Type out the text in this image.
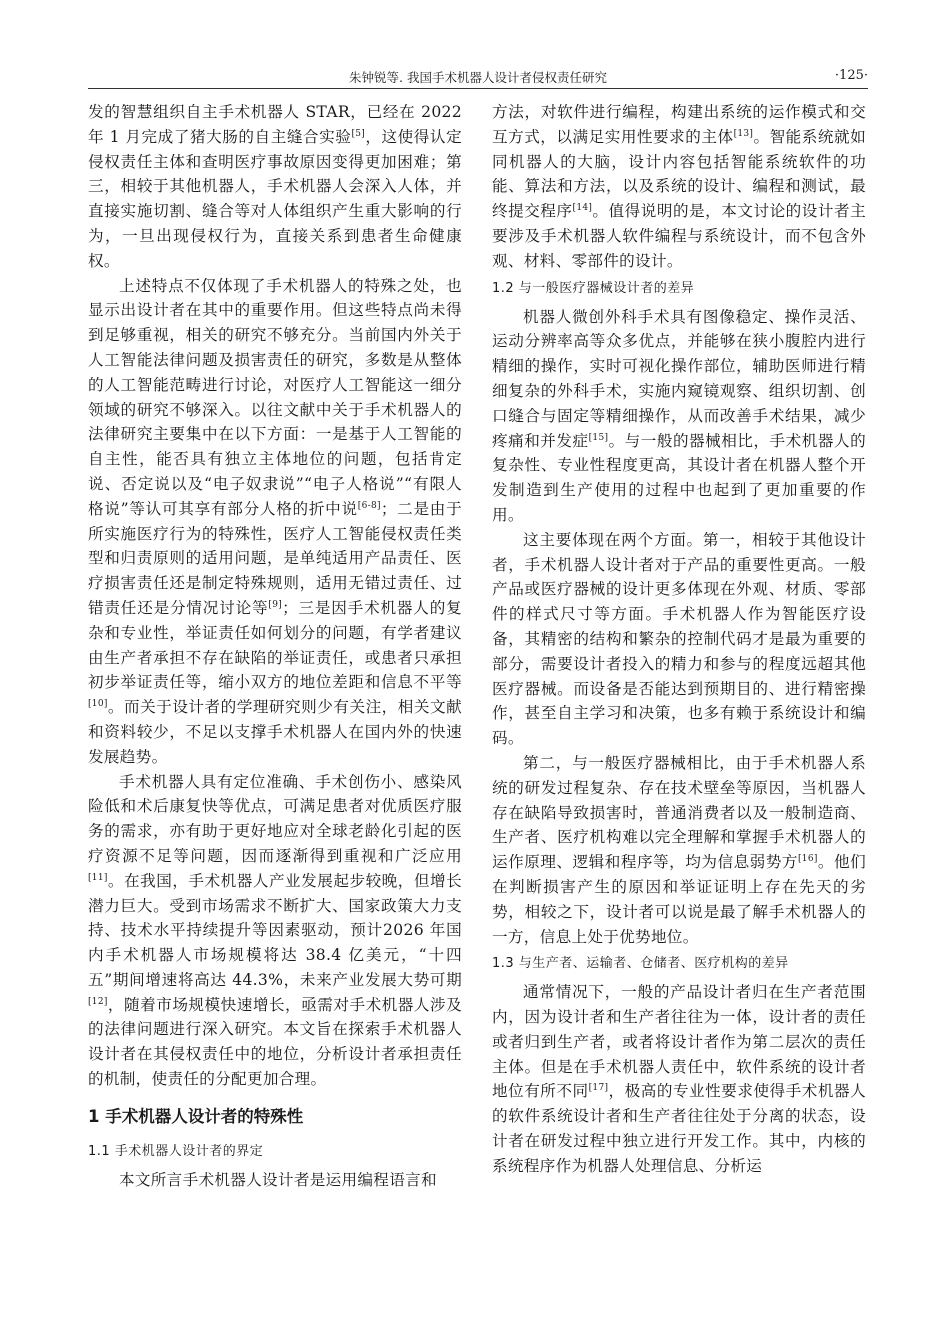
朱钟锐等. 我国手术机器人设计者侵权责任研究	·125·

发的智慧组织自主手术机器人 STAR，已经在 2022年 1 月完成了猪大肠的自主缝合实验[5]，这使得认定侵权责任主体和查明医疗事故原因变得更加困难；第三，相较于其他机器人，手术机器人会深入人体，并直接实施切割、缝合等对人体组织产生重大影响的行为，一旦出现侵权行为，直接关系到患者生命健康权。

上述特点不仅体现了手术机器人的特殊之处，也显示出设计者在其中的重要作用。但这些特点尚未得到足够重视，相关的研究不够充分。当前国内外关于人工智能法律问题及损害责任的研究，多数是从整体的人工智能范畴进行讨论，对医疗人工智能这一细分领域的研究不够深入。以往文献中关于手术机器人的法律研究主要集中在以下方面：一是基于人工智能的自主性，能否具有独立主体地位的问题，包括肯定说、否定说以及“电子奴隶说”“电子人格说”“有限人格说”等认可其享有部分人格的折中说[6-8]；二是由于所实施医疗行为的特殊性，医疗人工智能侵权责任类型和归责原则的适用问题，是单纯适用产品责任、医疗损害责任还是制定特殊规则，适用无错过责任、过错责任还是分情况讨论等[9]；三是因手术机器人的复杂和专业性，举证责任如何划分的问题，有学者建议由生产者承担不存在缺陷的举证责任，或患者只承担初步举证责任等，缩小双方的地位差距和信息不平等[10]。而关于设计者的学理研究则少有关注，相关文献和资料较少，不足以支撑手术机器人在国内外的快速发展趋势。

手术机器人具有定位准确、手术创伤小、感染风险低和术后康复快等优点，可满足患者对优质医疗服务的需求，亦有助于更好地应对全球老龄化引起的医疗资源不足等问题，因而逐渐得到重视和广泛应用[11]。在我国，手术机器人产业发展起步较晚，但增长潜力巨大。受到市场需求不断扩大、国家政策大力支持、技术水平持续提升等因素驱动，预计2026 年国内手术机器人市场规模将达 38.4 亿美元，“十四五”期间增速将高达 44.3%，未来产业发展大势可期[12]，随着市场规模快速增长，亟需对手术机器人涉及的法律问题进行深入研究。本文旨在探索手术机器人设计者在其侵权责任中的地位，分析设计者承担责任的机制，使责任的分配更加合理。

1 手术机器人设计者的特殊性
1.1 手术机器人设计者的界定

本文所言手术机器人设计者是运用编程语言和

方法，对软件进行编程，构建出系统的运作模式和交互方式，以满足实用性要求的主体[13]。智能系统就如同机器人的大脑，设计内容包括智能系统软件的功能、算法和方法，以及系统的设计、编程和测试，最终提交程序[14]。值得说明的是，本文讨论的设计者主要涉及手术机器人软件编程与系统设计，而不包含外观、材料、零部件的设计。

1.2 与一般医疗器械设计者的差异

机器人微创外科手术具有图像稳定、操作灵活、运动分辨率高等众多优点，并能够在狭小腹腔内进行精细的操作，实时可视化操作部位，辅助医师进行精细复杂的外科手术，实施内窥镜观察、组织切割、创口缝合与固定等精细操作，从而改善手术结果，减少疼痛和并发症[15]。与一般的器械相比，手术机器人的复杂性、专业性程度更高，其设计者在机器人整个开发制造到生产使用的过程中也起到了更加重要的作用。

这主要体现在两个方面。第一，相较于其他设计者，手术机器人设计者对于产品的重要性更高。一般产品或医疗器械的设计更多体现在外观、材质、零部件的样式尺寸等方面。手术机器人作为智能医疗设备，其精密的结构和繁杂的控制代码才是最为重要的部分，需要设计者投入的精力和参与的程度远超其他医疗器械。而设备是否能达到预期目的、进行精密操作，甚至自主学习和决策，也多有赖于系统设计和编码。

第二，与一般医疗器械相比，由于手术机器人系统的研发过程复杂、存在技术壁垒等原因，当机器人存在缺陷导致损害时，普通消费者以及一般制造商、生产者、医疗机构难以完全理解和掌握手术机器人的运作原理、逻辑和程序等，均为信息弱势方[16]。他们在判断损害产生的原因和举证证明上存在先天的劣势，相较之下，设计者可以说是最了解手术机器人的一方，信息上处于优势地位。

1.3 与生产者、运输者、仓储者、医疗机构的差异

通常情况下，一般的产品设计者归在生产者范围内，因为设计者和生产者往往为一体，设计者的责任或者归到生产者，或者将设计者作为第二层次的责任主体。但是在手术机器人责任中，软件系统的设计者地位有所不同[17]，极高的专业性要求使得手术机器人的软件系统设计者和生产者往往处于分离的状态，设计者在研发过程中独立进行开发工作。其中，内核的系统程序作为机器人处理信息、分析运
